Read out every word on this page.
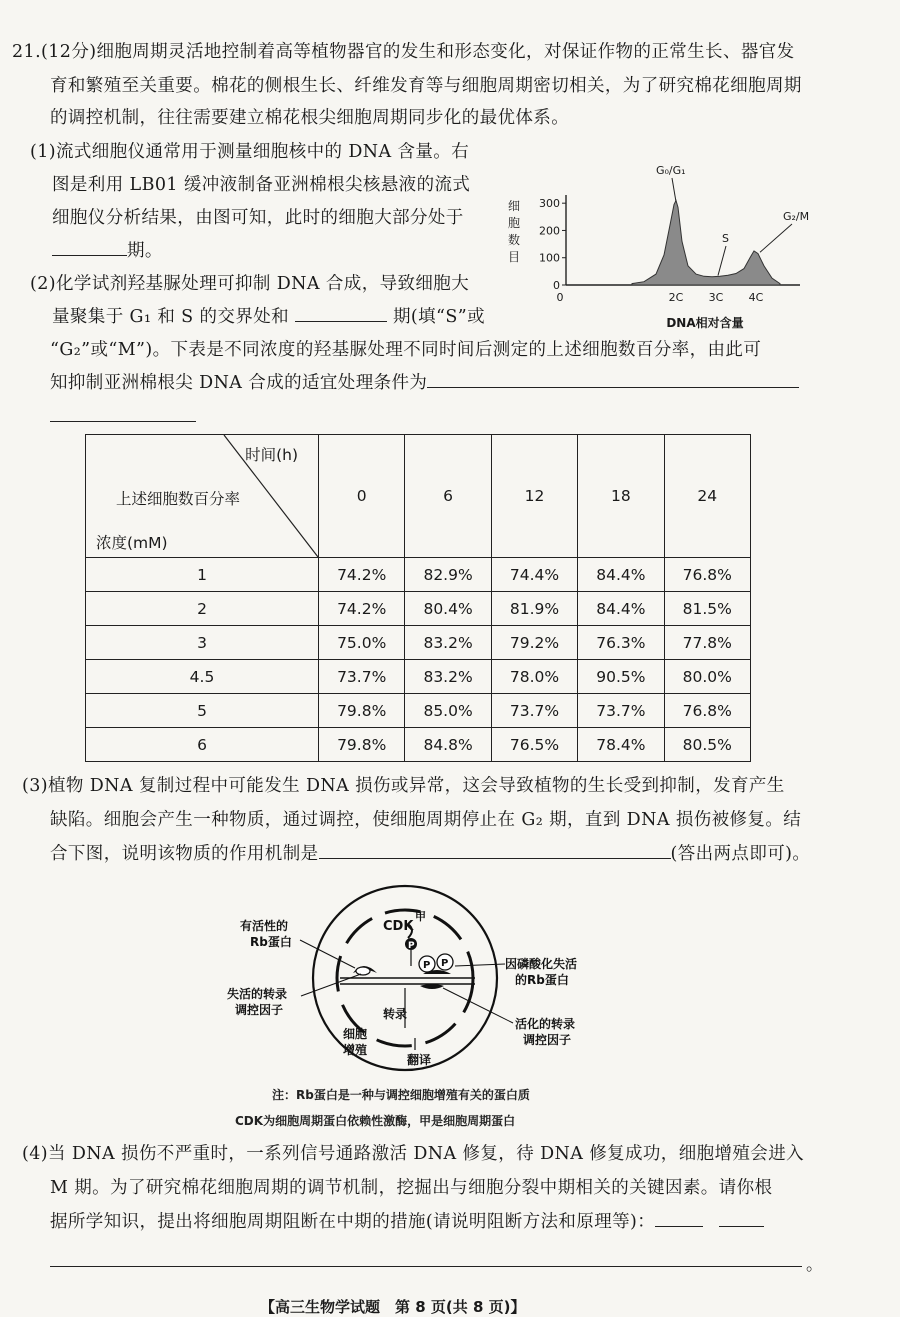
21.(12分)细胞周期灵活地控制着高等植物器官的发生和形态变化，对保证作物的正常生长、器官发
育和繁殖至关重要。棉花的侧根生长、纤维发育等与细胞周期密切相关，为了研究棉花细胞周期
的调控机制，往往需要建立棉花根尖细胞周期同步化的最优体系。
(1)流式细胞仪通常用于测量细胞核中的 DNA 含量。右
图是利用 LB01 缓冲液制备亚洲棉根尖核悬液的流式
细胞仪分析结果，由图可知，此时的细胞大部分处于
期。
(2)化学试剂羟基脲处理可抑制 DNA 合成，导致细胞大
量聚集于 G₁ 和 S 的交界处和	期(填“S”或
“G₂”或“M”)。下表是不同浓度的羟基脲处理不同时间后测定的上述细胞数百分率，由此可
知抑制亚洲棉根尖 DNA 合成的适宜处理条件为
细
胞
数
目
300
200
100
0
0	2C 3C 4C
G₀/G₁
S
G₂/M
DNA相对含量
时间(h)
上述细胞数百分率
浓度(mM)	0	6	12	18	24
1	74.2%	82.9%	74.4%	84.4%	76.8%
2	74.2%	80.4%	81.9%	84.4%	81.5%
3	75.0%	83.2%	79.2%	76.3%	77.8%
4.5	73.7%	83.2%	78.0%	90.5%	80.0%
5	79.8%	85.0%	73.7%	73.7%	76.8%
6	79.8%	84.8%	76.5%	78.4%	80.5%
(3)植物 DNA 复制过程中可能发生 DNA 损伤或异常，这会导致植物的生长受到抑制，发育产生
缺陷。细胞会产生一种物质，通过调控，使细胞周期停止在 G₂ 期，直到 DNA 损伤被修复。结
合下图，说明该物质的作用机制是	(答出两点即可)。
CDK
甲
P
P P
转录
翻译
细胞
增殖
有活性的
Rb蛋白
失活的转录
调控因子
因磷酸化失活
的Rb蛋白
活化的转录
调控因子
注：Rb蛋白是一种与调控细胞增殖有关的蛋白质
CDK为细胞周期蛋白依赖性激酶，甲是细胞周期蛋白
(4)当 DNA 损伤不严重时，一系列信号通路激活 DNA 修复，待 DNA 修复成功，细胞增殖会进入
M 期。为了研究棉花细胞周期的调节机制，挖掘出与细胞分裂中期相关的关键因素。请你根
据所学知识，提出将细胞周期阻断在中期的措施(请说明阻断方法和原理等)：
。
【高三生物学试题　第 8 页(共 8 页)】
